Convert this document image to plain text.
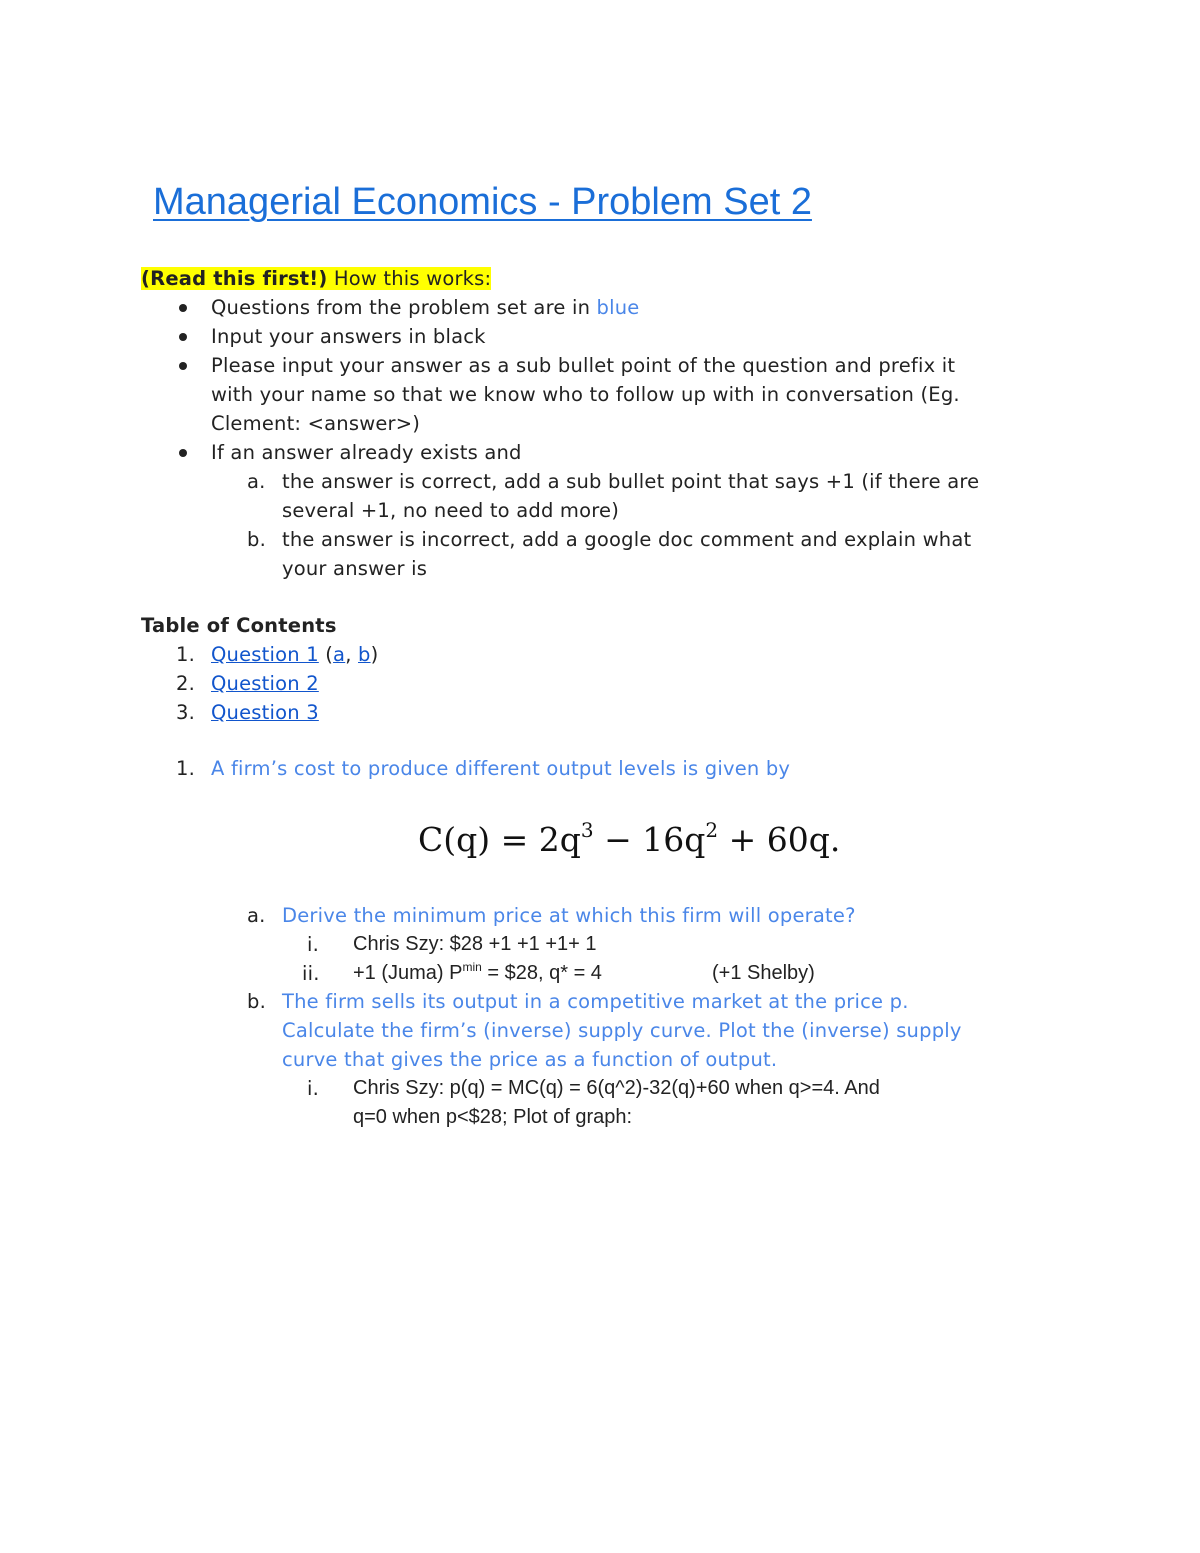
Managerial Economics - Problem Set 2
(Read this first!) How this works:
Questions from the problem set are in blue
Input your answers in black
Please input your answer as a sub bullet point of the question and prefix it
with your name so that we know who to follow up with in conversation (Eg.
Clement: <answer>)
If an answer already exists and
a. the answer is correct, add a sub bullet point that says +1 (if there are
several +1, no need to add more)
b. the answer is incorrect, add a google doc comment and explain what
your answer is
Table of Contents
1. Question 1 (a, b)
2. Question 2
3. Question 3
1. A firm’s cost to produce different output levels is given by
$C(q) = 2q^3 - 16q^2 + 60q$.
a. Derive the minimum price at which this firm will operate?
i. Chris Szy: $28 +1 +1 +1+ 1
ii. +1 (Juma) $P^{min}$ = $28, q* = 4	(+1 Shelby)
b. The firm sells its output in a competitive market at the price p.
Calculate the firm’s (inverse) supply curve. Plot the (inverse) supply
curve that gives the price as a function of output.
i. Chris Szy: p(q) = MC(q) = 6(q^2)-32(q)+60 when q>=4. And
q=0 when p<$28; Plot of graph:
